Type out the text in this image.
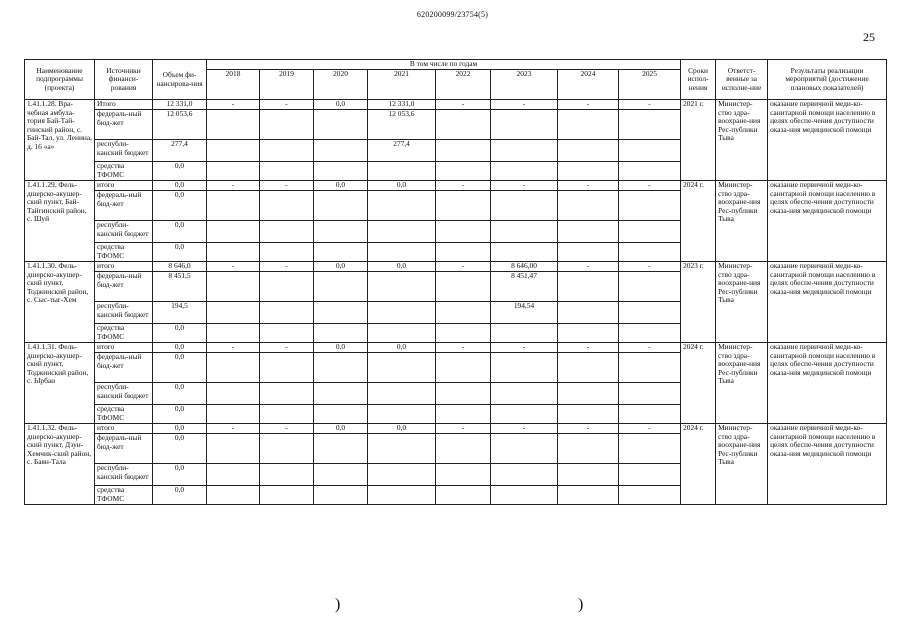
620200099/23754(5)
25
Наименование подпрограммы (проекта)	Источники финанси-рования	Объем фи-нансирова-ния	В том числе по годам								Сроки испол-нения	Ответст-венные за исполне-ние	Результаты реализации мероприятий (достижение плановых показателей)
			2018	2019	2020	2021	2022	2023	2024	2025			
1.41.1.28. Вра-чебная амбула-тория Бай-Тай-гинский район, с. Бай-Тал, ул. Ленина, д. 16 «а»	Итого	12 331,0	-	-	0,0	12 331,0	-	-	-	-	2021 г.	Министер-ство здра-воохране-ния Рес-публики Тыва	оказание первичной меди-ко-санитарной помощи населению в целях обеспе-чения доступности оказа-ния медицинской помощи
	федераль-ный бюд-жет	12 053,6				12 053,6							
	республи-канский бюджет	277,4				277,4							
	средства ТФОМС	0,0											
1.41.1.29. Фель-дшерско-акушер-ский пункт, Бай-Тайгинский район, с. Шуй	итого	0,0	-	-	0,0	0,0	-	-	-	-	2024 г.	Министер-ство здра-воохране-ния Рес-публики Тыва	оказание первичной меди-ко-санитарной помощи населению в целях обеспе-чения доступности оказа-ния медицинской помощи
	федераль-ный бюд-жет	0,0											
	республи-канский бюджет	0,0											
	средства ТФОМС	0,0											
1.41.1.30. Фель-дшерско-акушер-ский пункт, Тоджинский район, с. Сыс-тыг-Хем	итого	8 646,0	-	-	0,0	0,0	-	8 646,00	-	-	2023 г.	Министер-ство здра-воохране-ния Рес-публики Тыва	оказание первичной меди-ко-санитарной помощи населению в целях обеспе-чения доступности оказа-ния медицинской помощи
	федераль-ный бюд-жет	8 451,5						8 451,47					
	республи-канский бюджет	194,5						194,54					
	средства ТФОМС	0,0											
1.41.1.31. Фель-дшерско-акушер-ский пункт, Тоджинский район, с. Ырбан	итого	0,0	-	-	0,0	0,0	-	-	-	-	2024 г.	Министер-ство здра-воохране-ния Рес-публики Тыва	оказание первичной меди-ко-санитарной помощи населению в целях обеспе-чения доступности оказа-ния медицинской помощи
	федераль-ный бюд-жет	0,0											
	республи-канский бюджет	0,0											
	средства ТФОМС	0,0											
1.41.1.32. Фель-дшерско-акушер-ский пункт, Дзун-Хемчик-ский район, с. Баян-Тала	итого	0,0	-	-	0,0	0,0	-	-	-	-	2024 г.	Министер-ство здра-воохране-ния Рес-публики Тыва	оказание первичной меди-ко-санитарной помощи населению в целях обеспе-чения доступности оказа-ния медицинской помощи
	федераль-ный бюд-жет	0,0											
	республи-канский бюджет	0,0											
	средства ТФОМС	0,0											
)	)
